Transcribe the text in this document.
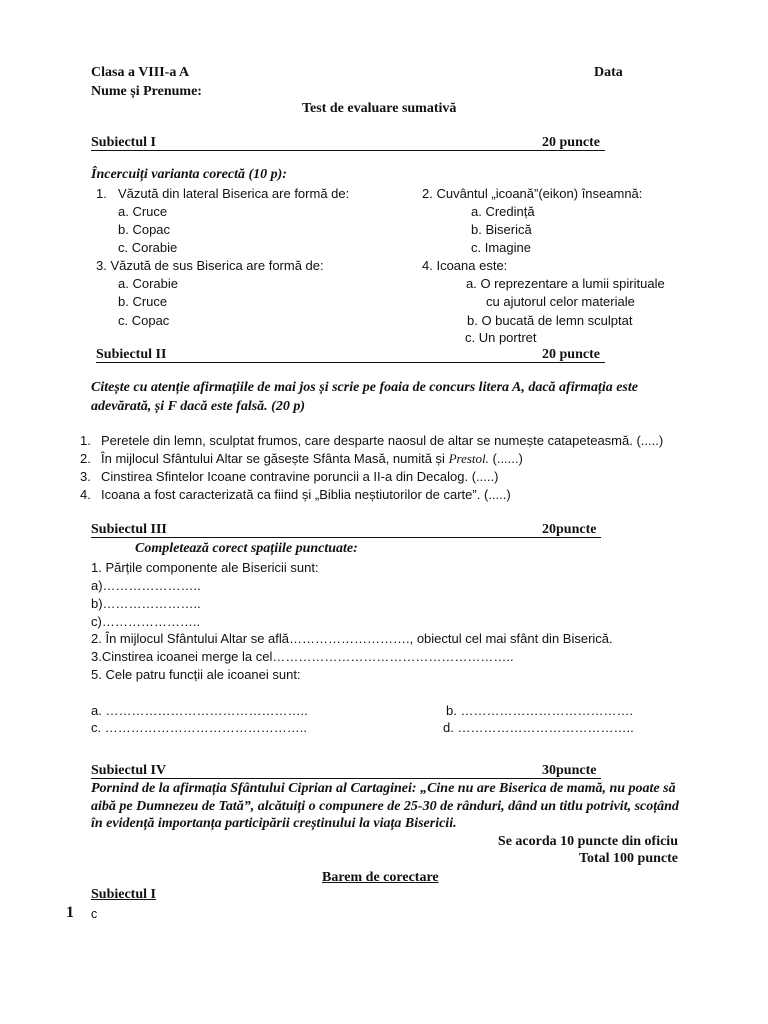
Clasa a VIII-a A	Data
Nume și Prenume:
Test de evaluare sumativă
Subiectul I	20 puncte
Încercuiți varianta corectă (10 p):
1. Văzută din lateral Biserica are formă de:
a. Cruce
b. Copac
c. Corabie
2. Cuvântul „icoană”(eikon) înseamnă:
a. Credință
b. Biserică
c. Imagine
3. Văzută de sus Biserica are formă de:
a. Corabie
b. Cruce
c. Copac
4. Icoana este:
a. O reprezentare a lumii spirituale
cu ajutorul celor materiale
b. O bucată de lemn sculptat
c. Un portret
Subiectul II	20 puncte
Citește cu atenție afirmațiile de mai jos și scrie pe foaia de concurs litera A, dacă afirmația este adevărată, și F dacă este falsă. (20 p)
1. Peretele din lemn, sculptat frumos, care desparte naosul de altar se numește catapeteasmă. (.....)
2. În mijlocul Sfântului Altar se găsește Sfânta Masă, numită și Prestol. (......)
3. Cinstirea Sfintelor Icoane contravine poruncii a II-a din Decalog. (.....)
4. Icoana a fost caracterizată ca fiind și „Biblia neștiutorilor de carte”. (.....)
Subiectul III	20puncte
Completează corect spațiile punctuate:
1. Părțile componente ale Bisericii sunt:
a)…………………..
b)…………………..
c)…………………..
2. În mijlocul Sfântului Altar se află………………………., obiectul cel mai sfânt din Biserică.
3.Cinstirea icoanei merge la cel………………………………………………..
5. Cele patru funcții ale icoanei sunt:
a. ………………………………………..	b. ………………………………….
c. ………………………………………..	d. …………………………………..
Subiectul IV	30puncte
Pornind de la afirmația Sfântului Ciprian al Cartaginei: „Cine nu are Biserica de mamă, nu poate să aibă pe Dumnezeu de Tată”, alcătuiți o compunere de 25-30 de rânduri, dând un titlu potrivit, scoțând în evidență importanța participării creștinului la viața Bisericii.
Se acorda 10 puncte din oficiu
Total 100 puncte
Barem de corectare
Subiectul I
1 c
